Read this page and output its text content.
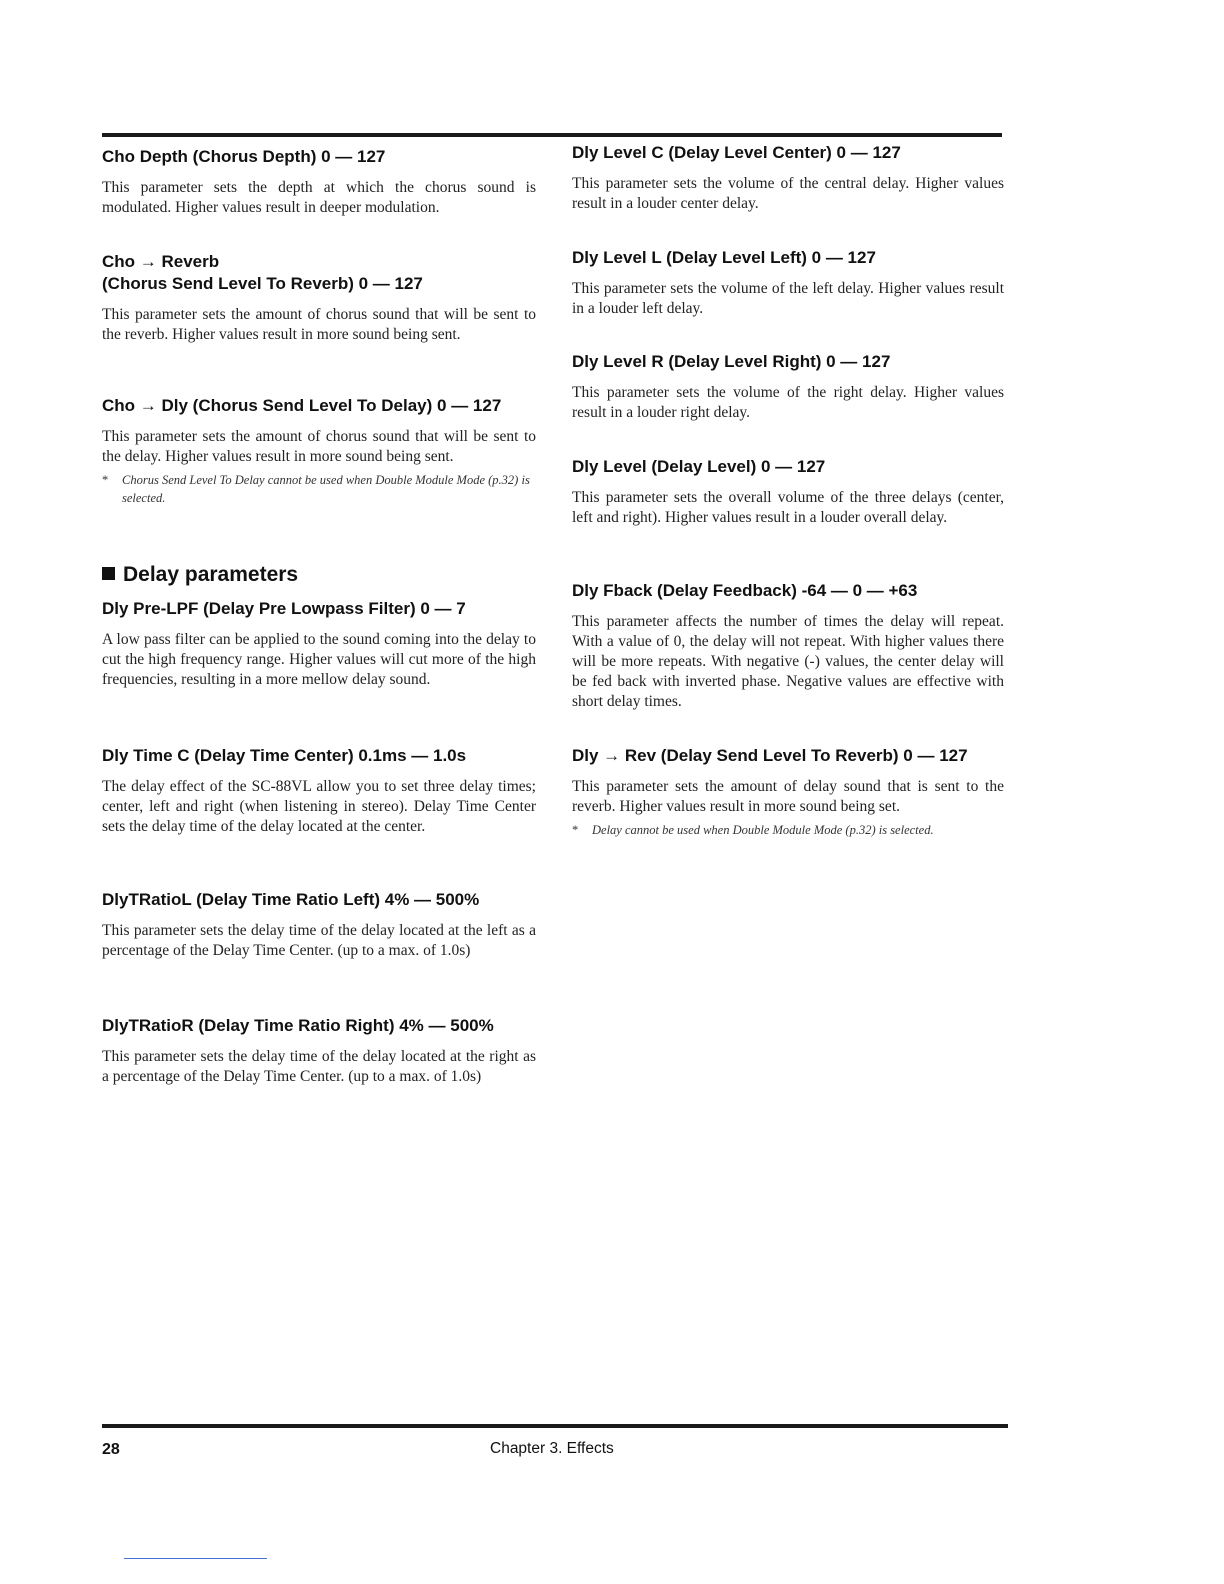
Cho Depth (Chorus Depth) 0 — 127

This parameter sets the depth at which the chorus sound is modulated. Higher values result in deeper modulation.

Cho → Reverb
(Chorus Send Level To Reverb) 0 — 127

This parameter sets the amount of chorus sound that will be sent to the reverb. Higher values result in more sound being sent.

Cho → Dly (Chorus Send Level To Delay) 0 — 127

This parameter sets the amount of chorus sound that will be sent to the delay. Higher values result in more sound being sent.

* Chorus Send Level To Delay cannot be used when Double Module Mode (p.32) is selected.

Delay parameters
Dly Pre-LPF (Delay Pre Lowpass Filter) 0 — 7

A low pass filter can be applied to the sound coming into the delay to cut the high frequency range. Higher values will cut more of the high frequencies, resulting in a more mellow delay sound.

Dly Time C (Delay Time Center) 0.1ms — 1.0s

The delay effect of the SC-88VL allow you to set three delay times; center, left and right (when listening in stereo). Delay Time Center sets the delay time of the delay located at the center.

DlyTRatioL (Delay Time Ratio Left) 4% — 500%

This parameter sets the delay time of the delay located at the left as a percentage of the Delay Time Center. (up to a max. of 1.0s)

DlyTRatioR (Delay Time Ratio Right) 4% — 500%

This parameter sets the delay time of the delay located at the right as a percentage of the Delay Time Center. (up to a max. of 1.0s)

Dly Level C (Delay Level Center) 0 — 127

This parameter sets the volume of the central delay. Higher values result in a louder center delay.

Dly Level L (Delay Level Left) 0 — 127

This parameter sets the volume of the left delay. Higher values result in a louder left delay.

Dly Level R (Delay Level Right) 0 — 127

This parameter sets the volume of the right delay. Higher values result in a louder right delay.

Dly Level (Delay Level) 0 — 127

This parameter sets the overall volume of the three delays (center, left and right). Higher values result in a louder overall delay.

Dly Fback (Delay Feedback) -64 — 0 — +63

This parameter affects the number of times the delay will repeat. With a value of 0, the delay will not repeat. With higher values there will be more repeats. With negative (-) values, the center delay will be fed back with inverted phase. Negative values are effective with short delay times.

Dly → Rev (Delay Send Level To Reverb) 0 — 127

This parameter sets the amount of delay sound that is sent to the reverb. Higher values result in more sound being set.

* Delay cannot be used when Double Module Mode (p.32) is selected.

28	Chapter 3. Effects
